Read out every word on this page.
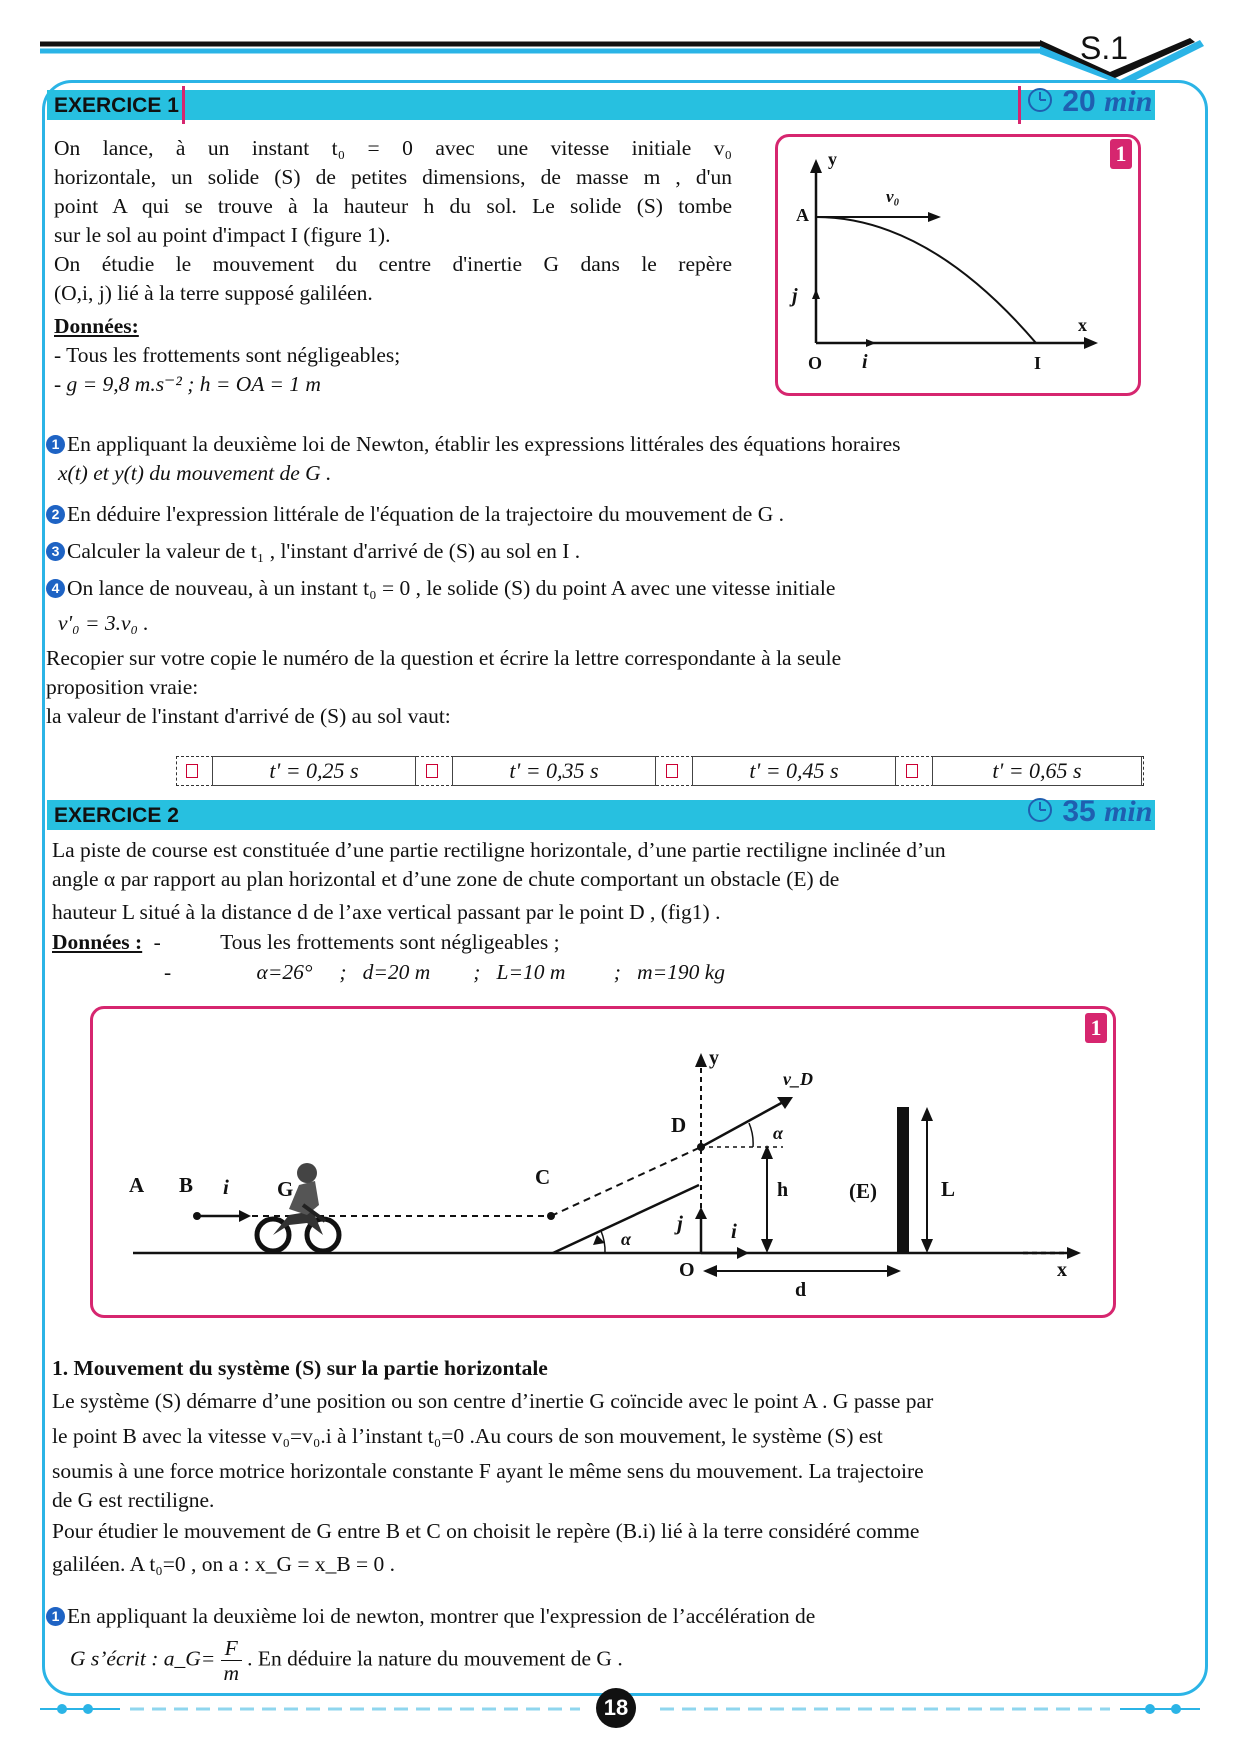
S.1
EXERCICE 1	20 min
On lance, à un instant t₀ = 0 avec une vitesse initiale v₀
horizontale, un solide (S) de petites dimensions, de masse m , d'un
point A qui se trouve à la hauteur h du sol. Le solide (S) tombe
sur le sol au point d'impact I (figure 1).
On étudie le mouvement du centre d'inertie G dans le repère
(O,i, j) lié à la terre supposé galiléen.
Données:
- Tous les frottements sont négligeables;
- g = 9,8 m.s⁻² ; h = OA = 1 m
1
y
A
v₀
j
x
O i	I
1 En appliquant la deuxième loi de Newton, établir les expressions littérales des équations horaires
x(t) et y(t) du mouvement de G .
2 En déduire l'expression littérale de l'équation de la trajectoire du mouvement de G .
3 Calculer la valeur de t₁ , l'instant d'arrivé de (S) au sol en I .
4 On lance de nouveau, à un instant t₀ = 0 , le solide (S) du point A avec une vitesse initiale
v'₀ = 3.v₀ .
Recopier sur votre copie le numéro de la question et écrire la lettre correspondante à la seule
proposition vraie:
la valeur de l'instant d'arrivé de (S) au sol vaut:
t' = 0,25 s	t' = 0,35 s	t' = 0,45 s	t' = 0,65 s
EXERCICE 2	35 min
La piste de course est constituée d’une partie rectiligne horizontale, d’une partie rectiligne inclinée d’un
angle α par rapport au plan horizontal et d’une zone de chute comportant un obstacle (E) de
hauteur L situé à la distance d de l’axe vertical passant par le point D , (fig1) .
Données : -	Tous les frottements sont négligeables ;
-	α=26°     ;   d=20 m        ;   L=10 m         ;   m=190 kg
1
A B i G	C
D
y
v_D
α
α
h	(E)	L
j i
O
d
x
1. Mouvement du système (S) sur la partie horizontale
Le système (S) démarre d’une position ou son centre d’inertie G coïncide avec le point A . G passe par
le point B avec la vitesse v₀=v₀.i à l’instant t₀=0 .Au cours de son mouvement, le système (S) est
soumis à une force motrice horizontale constante F ayant le même sens du mouvement. La trajectoire
de G est rectiligne.
Pour étudier le mouvement de G entre B et C on choisit le repère (B.i) lié à la terre considéré comme
galiléen. A t₀=0 , on a : x_G = x_B = 0 .
1 En appliquant la deuxième loi de newton, montrer que l'expression de l’accélération de
G s’écrit : a_G= $\frac{F}{m}$ . En déduire la nature du mouvement de G .
18
